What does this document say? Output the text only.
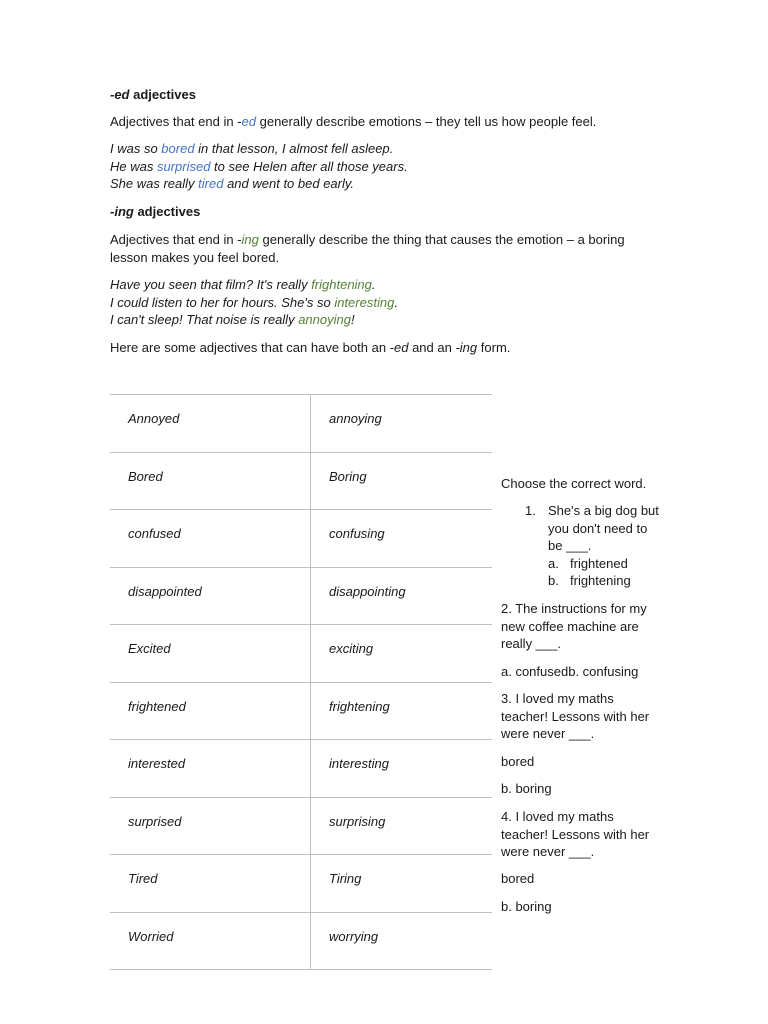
-ed adjectives
Adjectives that end in -ed generally describe emotions – they tell us how people feel.
I was so bored in that lesson, I almost fell asleep.
He was surprised to see Helen after all those years.
She was really tired and went to bed early.
-ing adjectives
Adjectives that end in -ing generally describe the thing that causes the emotion – a boring lesson makes you feel bored.
Have you seen that film? It's really frightening.
I could listen to her for hours. She's so interesting.
I can't sleep! That noise is really annoying!
Here are some adjectives that can have both an -ed and an -ing form.
Annoyed	annoying

Bored	Boring

confused	confusing

disappointed	disappointing

Excited	exciting

frightened	frightening

interested	interesting

surprised	surprising

Tired	Tiring

Worried	worrying
Choose the correct word.
1. She's a big dog but you don't need to be ___.
a. frightened
b. frightening
2. The instructions for my new coffee machine are really ___.
a. confusedb. confusing
3. I loved my maths teacher! Lessons with her were never ___.
bored
b. boring
4. I loved my maths teacher! Lessons with her were never ___.
bored
b. boring
